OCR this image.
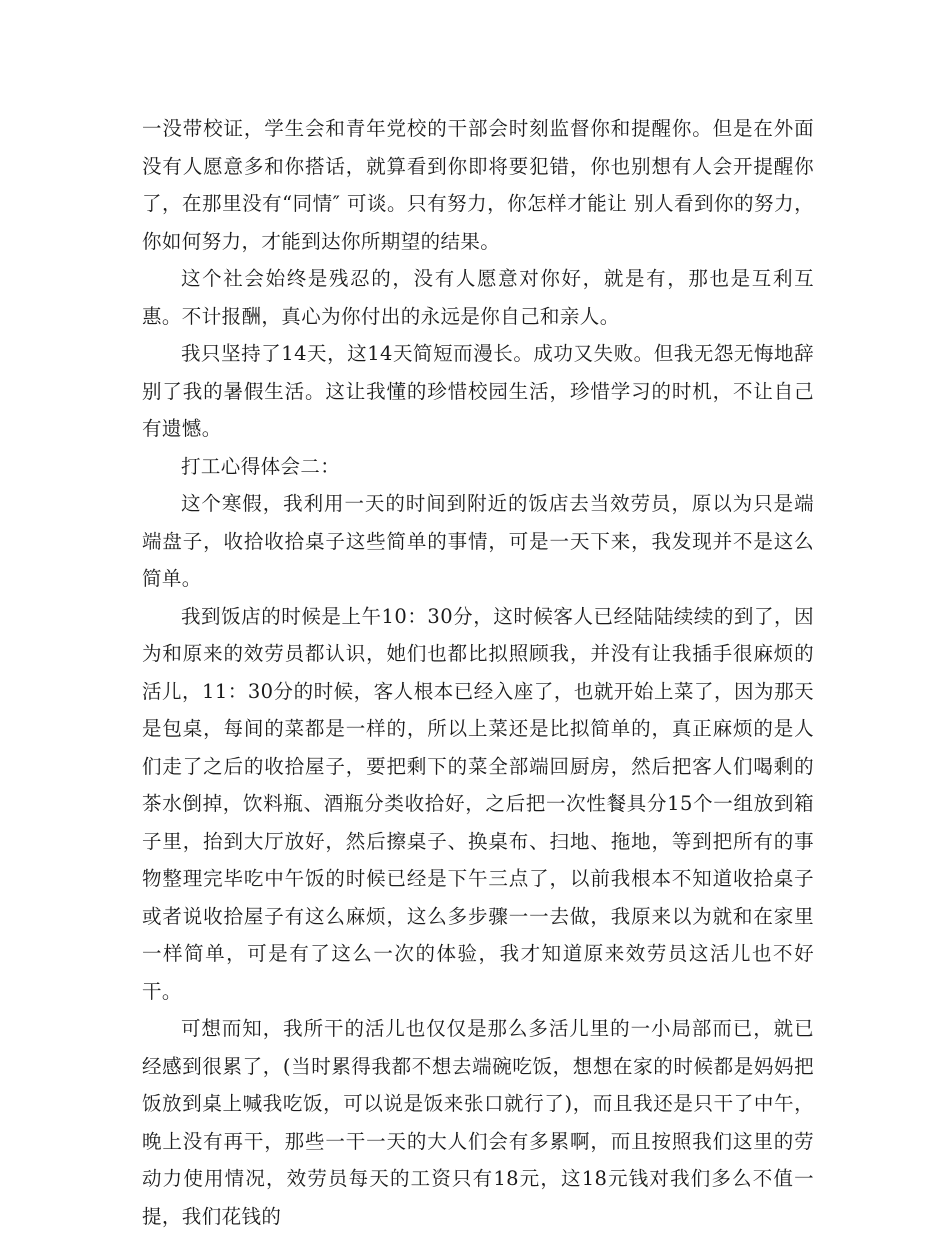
一没带校证，学生会和青年党校的干部会时刻监督你和提醒你。但是在外面没有人愿意多和你搭话，就算看到你即将要犯错，你也别想有人会开提醒你了，在那里没有“同情″ 可谈。只有努力，你怎样才能让 别人看到你的努力，你如何努力，才能到达你所期望的结果。

这个社会始终是残忍的，没有人愿意对你好，就是有，那也是互利互惠。不计报酬，真心为你付出的永远是你自己和亲人。

我只坚持了14天，这14天简短而漫长。成功又失败。但我无怨无悔地辞别了我的暑假生活。这让我懂的珍惜校园生活，珍惜学习的时机，不让自己有遗憾。

打工心得体会二：

这个寒假，我利用一天的时间到附近的饭店去当效劳员，原以为只是端端盘子，收拾收拾桌子这些简单的事情，可是一天下来，我发现并不是这么简单。

我到饭店的时候是上午10：30分，这时候客人已经陆陆续续的到了，因为和原来的效劳员都认识，她们也都比拟照顾我，并没有让我插手很麻烦的活儿，11：30分的时候，客人根本已经入座了，也就开始上菜了，因为那天是包桌，每间的菜都是一样的，所以上菜还是比拟简单的，真正麻烦的是人们走了之后的收拾屋子，要把剩下的菜全部端回厨房，然后把客人们喝剩的茶水倒掉，饮料瓶、酒瓶分类收拾好，之后把一次性餐具分15个一组放到箱子里，抬到大厅放好，然后擦桌子、换桌布、扫地、拖地，等到把所有的事物整理完毕吃中午饭的时候已经是下午三点了，以前我根本不知道收拾桌子或者说收拾屋子有这么麻烦，这么多步骤一一去做，我原来以为就和在家里一样简单，可是有了这么一次的体验，我才知道原来效劳员这活儿也不好干。

可想而知，我所干的活儿也仅仅是那么多活儿里的一小局部而已，就已经感到很累了，(当时累得我都不想去端碗吃饭，想想在家的时候都是妈妈把饭放到桌上喊我吃饭，可以说是饭来张口就行了)，而且我还是只干了中午，晚上没有再干，那些一干一天的大人们会有多累啊，而且按照我们这里的劳动力使用情况，效劳员每天的工资只有18元，这18元钱对我们多么不值一提，我们花钱的
